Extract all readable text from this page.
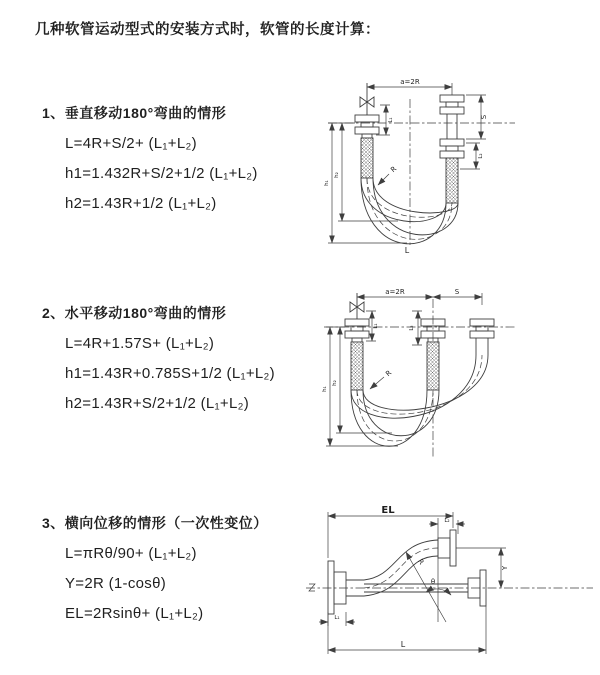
几种软管运动型式的安装方式时，软管的长度计算：

1、垂直移动180°弯曲的情形

L=4R+S/2+ (L₁+L₂)

h1=1.432R+S/2+1/2 (L₁+L₂)

h2=1.43R+1/2 (L₁+L₂)

a=2R
S
L₁
L₂
h₁
h₂
R
L

2、水平移动180°弯曲的情形

L=4R+1.57S+ (L₁+L₂)

h1=1.43R+0.785S+1/2 (L₁+L₂)

h2=1.43R+S/2+1/2 (L₁+L₂)

a=2R	S
L₁	L₂
h₁
h₂
R

3、横向位移的情形（一次性变位）

L=πRθ/90+ (L₁+L₂)

Y=2R (1-cosθ)

EL=2Rsinθ+ (L₁+L₂)

EL
L₂
Y
R
θ
L
L₁
